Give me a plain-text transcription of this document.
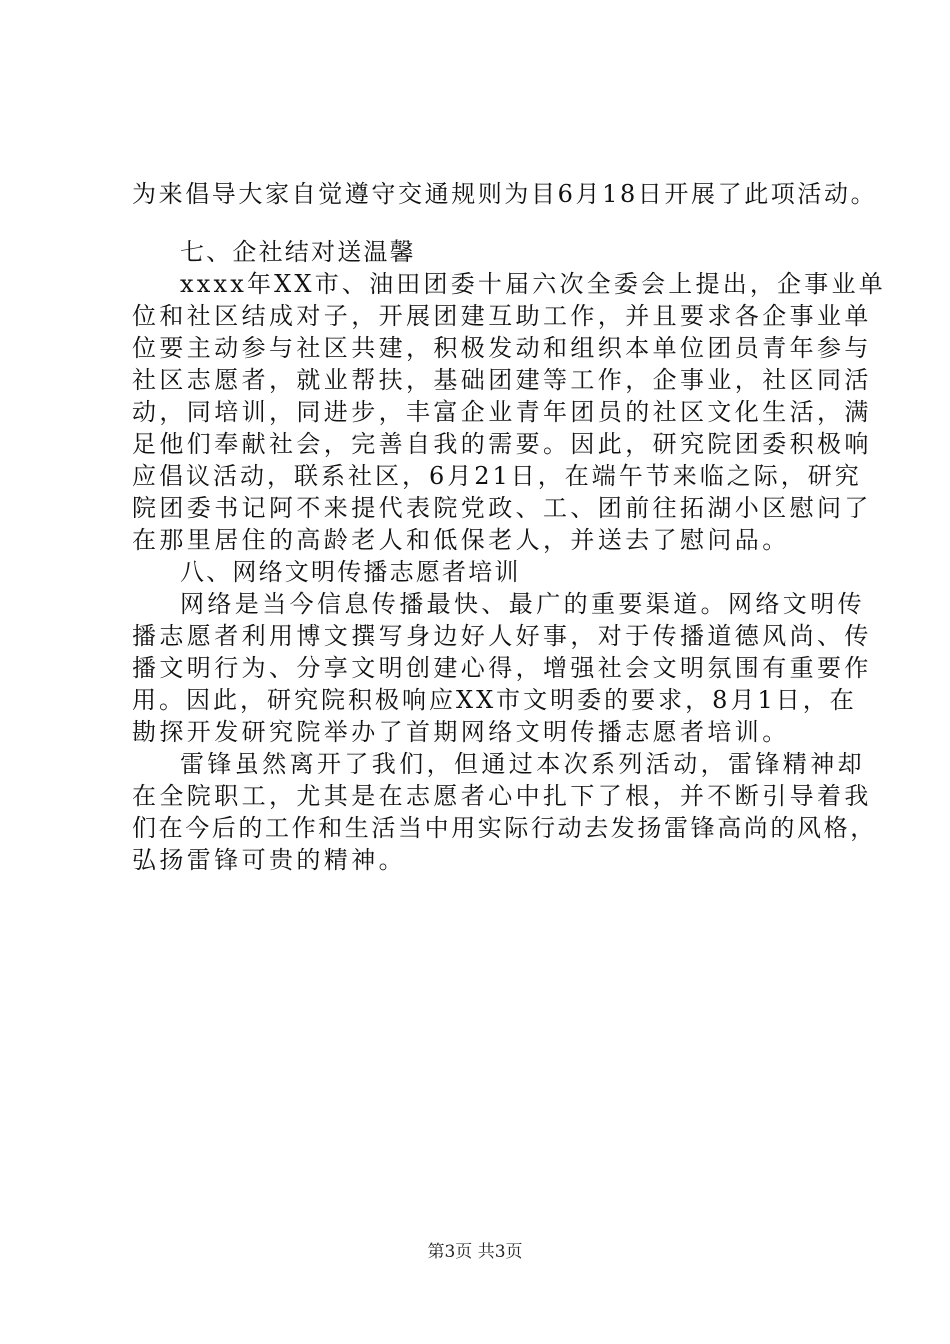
为来倡导大家自觉遵守交通规则为目6月18日开展了此项活动。
七、企社结对送温馨
xxxx年XX市、油田团委十届六次全委会上提出，企事业单
位和社区结成对子，开展团建互助工作，并且要求各企事业单
位要主动参与社区共建，积极发动和组织本单位团员青年参与
社区志愿者，就业帮扶，基础团建等工作，企事业，社区同活
动，同培训，同进步，丰富企业青年团员的社区文化生活，满
足他们奉献社会，完善自我的需要。因此，研究院团委积极响
应倡议活动，联系社区，6月21日，在端午节来临之际，研究
院团委书记阿不来提代表院党政、工、团前往拓湖小区慰问了
在那里居住的高龄老人和低保老人，并送去了慰问品。
八、网络文明传播志愿者培训
网络是当今信息传播最快、最广的重要渠道。网络文明传
播志愿者利用博文撰写身边好人好事，对于传播道德风尚、传
播文明行为、分享文明创建心得，增强社会文明氛围有重要作
用。因此，研究院积极响应XX市文明委的要求，8月1日，在
勘探开发研究院举办了首期网络文明传播志愿者培训。
雷锋虽然离开了我们，但通过本次系列活动，雷锋精神却
在全院职工，尤其是在志愿者心中扎下了根，并不断引导着我
们在今后的工作和生活当中用实际行动去发扬雷锋高尚的风格，
弘扬雷锋可贵的精神。
第3页 共3页
